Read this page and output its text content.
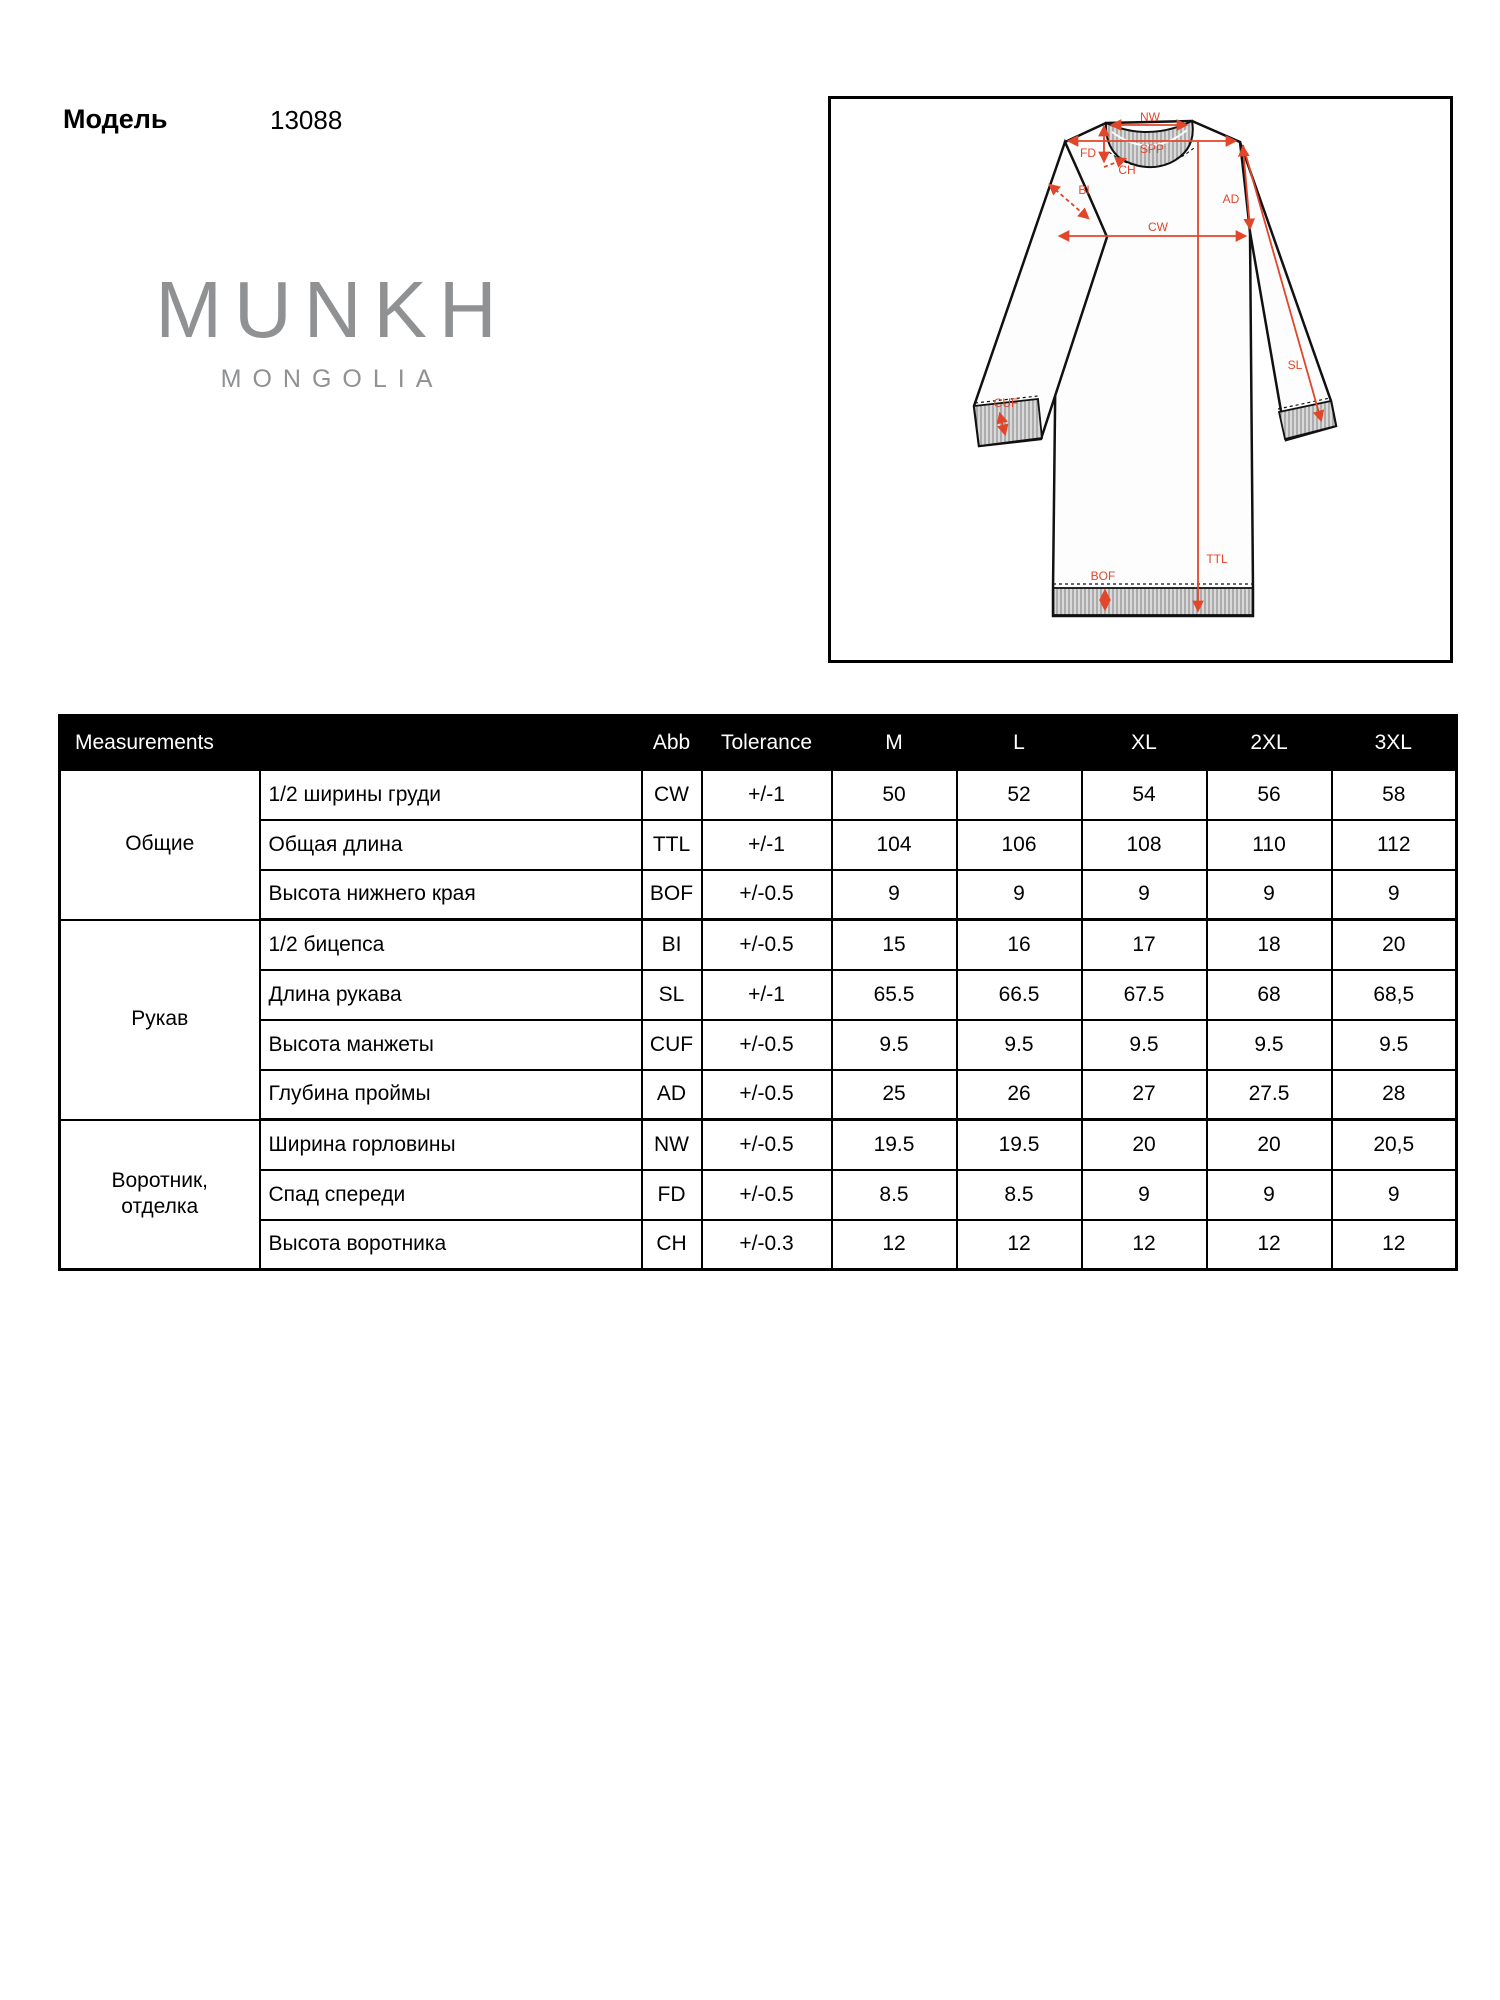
Модель	13088
MUNKH
MONGOLIA
NW
SPP
FD
CH
BI
CW
AD
SL
CUF
TTL
BOF
Measurements		Abb	Tolerance	M	L	XL	2XL	3XL
Общие	1/2 ширины груди	CW	+/-1	50	52	54	56	58
	Общая длина	TTL	+/-1	104	106	108	110	112
	Высота нижнего края	BOF	+/-0.5	9	9	9	9	9
Рукав	1/2 бицепса	BI	+/-0.5	15	16	17	18	20
	Длина рукава	SL	+/-1	65.5	66.5	67.5	68	68,5
	Высота манжеты	CUF	+/-0.5	9.5	9.5	9.5	9.5	9.5
	Глубина проймы	AD	+/-0.5	25	26	27	27.5	28
Воротник, отделка	Ширина горловины	NW	+/-0.5	19.5	19.5	20	20	20,5
	Спад спереди	FD	+/-0.5	8.5	8.5	9	9	9
	Высота воротника	CH	+/-0.3	12	12	12	12	12
